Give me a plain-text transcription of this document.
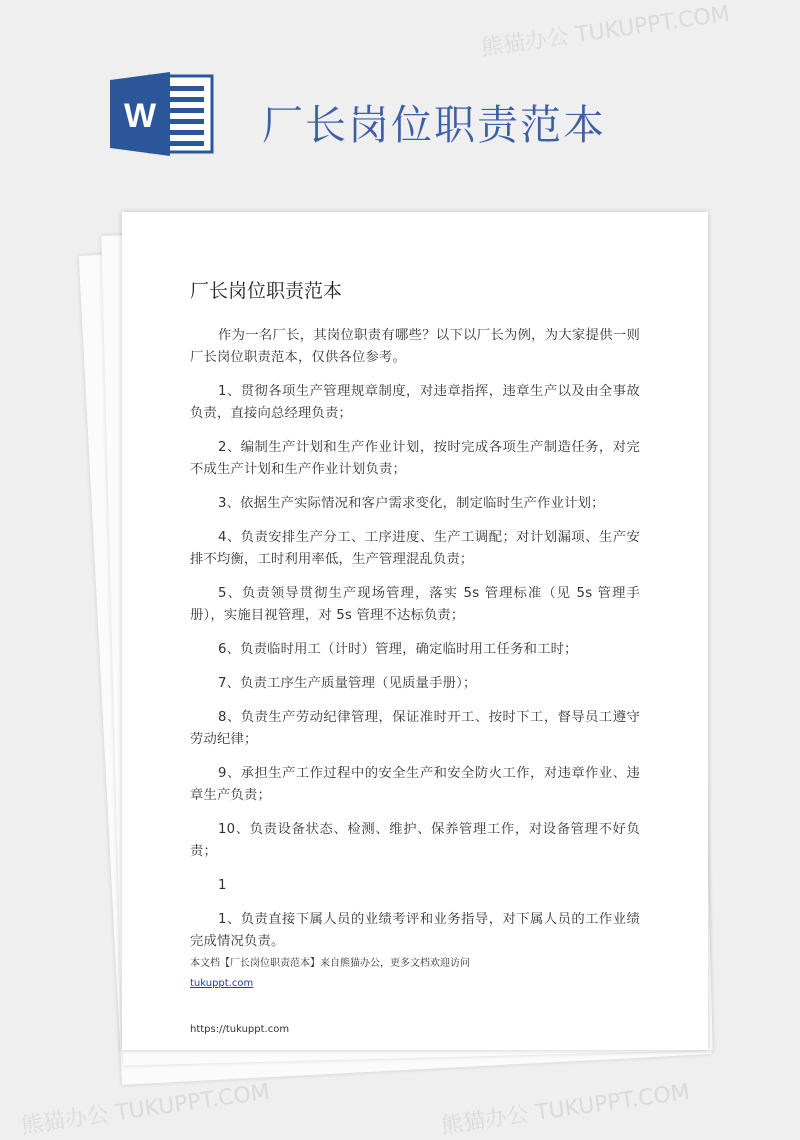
W	厂长岗位职责范本
熊猫办公 TUKUPPT.COM
熊猫办公 TUKUPPT.COM	熊猫办公 TUKUPPT.COM
厂长岗位职责范本

作为一名厂长，其岗位职责有哪些？以下以厂长为例，为大家提供一则厂长岗位职责范本，仅供各位参考。

1、贯彻各项生产管理规章制度，对违章指挥，违章生产以及由全事故负责，直接向总经理负责；

2、编制生产计划和生产作业计划，按时完成各项生产制造任务，对完不成生产计划和生产作业计划负责；

3、依据生产实际情况和客户需求变化，制定临时生产作业计划；

4、负责安排生产分工、工序进度、生产工调配；对计划漏项、生产安排不均衡，工时利用率低，生产管理混乱负责；

5、负责领导贯彻生产现场管理，落实 5s 管理标准（见 5s 管理手册），实施目视管理，对 5s 管理不达标负责；

6、负责临时用工（计时）管理，确定临时用工任务和工时；

7、负责工序生产质量管理（见质量手册）；

8、负责生产劳动纪律管理，保证准时开工、按时下工，督导员工遵守劳动纪律；

9、承担生产工作过程中的安全生产和安全防火工作，对违章作业、违章生产负责；

10、负责设备状态、检测、维护、保养管理工作，对设备管理不好负责；

1

1、负责直接下属人员的业绩考评和业务指导，对下属人员的工作业绩完成情况负责。

本文档【厂长岗位职责范本】来自熊猫办公，更多文档欢迎访问
tukuppt.com
https://tukuppt.com
